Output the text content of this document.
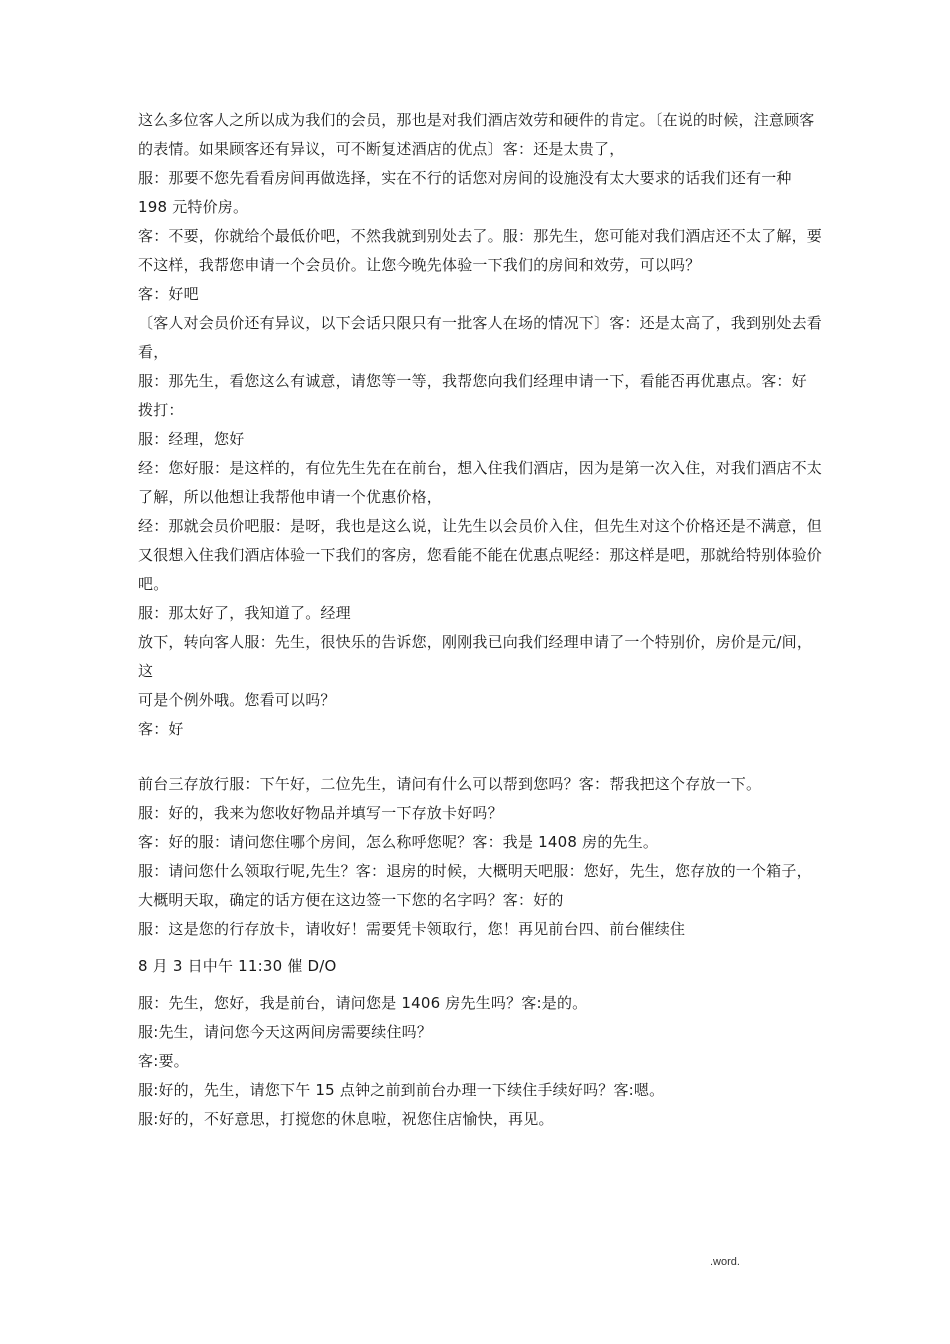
这么多位客人之所以成为我们的会员，那也是对我们酒店效劳和硬件的肯定。〔在说的时候，注意顾客的表情。如果顾客还有异议，可不断复述酒店的优点〕客：还是太贵了，

服：那要不您先看看房间再做选择，实在不行的话您对房间的设施没有太大要求的话我们还有一种 198 元特价房。

客：不要，你就给个最低价吧，不然我就到别处去了。服：那先生，您可能对我们酒店还不太了解，要不这样，我帮您申请一个会员价。让您今晚先体验一下我们的房间和效劳，可以吗？

客：好吧

〔客人对会员价还有异议，以下会话只限只有一批客人在场的情况下〕客：还是太高了，我到别处去看看，

服：那先生，看您这么有诚意，请您等一等，我帮您向我们经理申请一下，看能否再优惠点。客：好

拨打：

服：经理，您好

经：您好服：是这样的，有位先生先在在前台，想入住我们酒店，因为是第一次入住，对我们酒店不太了解，所以他想让我帮他申请一个优惠价格，

经：那就会员价吧服：是呀，我也是这么说，让先生以会员价入住，但先生对这个价格还是不满意，但又很想入住我们酒店体验一下我们的客房，您看能不能在优惠点呢经：那这样是吧，那就给特别体验价吧。

服：那太好了，我知道了。经理

放下，转向客人服：先生，很快乐的告诉您，刚刚我已向我们经理申请了一个特别价，房价是元/间，这

可是个例外哦。您看可以吗？

客：好

前台三存放行服：下午好，二位先生，请问有什么可以帮到您吗？客：帮我把这个存放一下。

服：好的，我来为您收好物品并填写一下存放卡好吗？

客：好的服：请问您住哪个房间，怎么称呼您呢？客：我是 1408 房的先生。

服：请问您什么领取行呢,先生？客：退房的时候，大概明天吧服：您好，先生，您存放的一个箱子，大概明天取，确定的话方便在这边签一下您的名字吗？客：好的

服：这是您的行存放卡，请收好！需要凭卡领取行，您！再见前台四、前台催续住

8 月 3 日中午 11:30 催 D/O

服：先生，您好，我是前台，请问您是 1406 房先生吗？客:是的。

服:先生，请问您今天这两间房需要续住吗？

客:要。

服:好的，先生，请您下午 15 点钟之前到前台办理一下续住手续好吗？客:嗯。

服:好的，不好意思，打搅您的休息啦，祝您住店愉快，再见。

.word.
